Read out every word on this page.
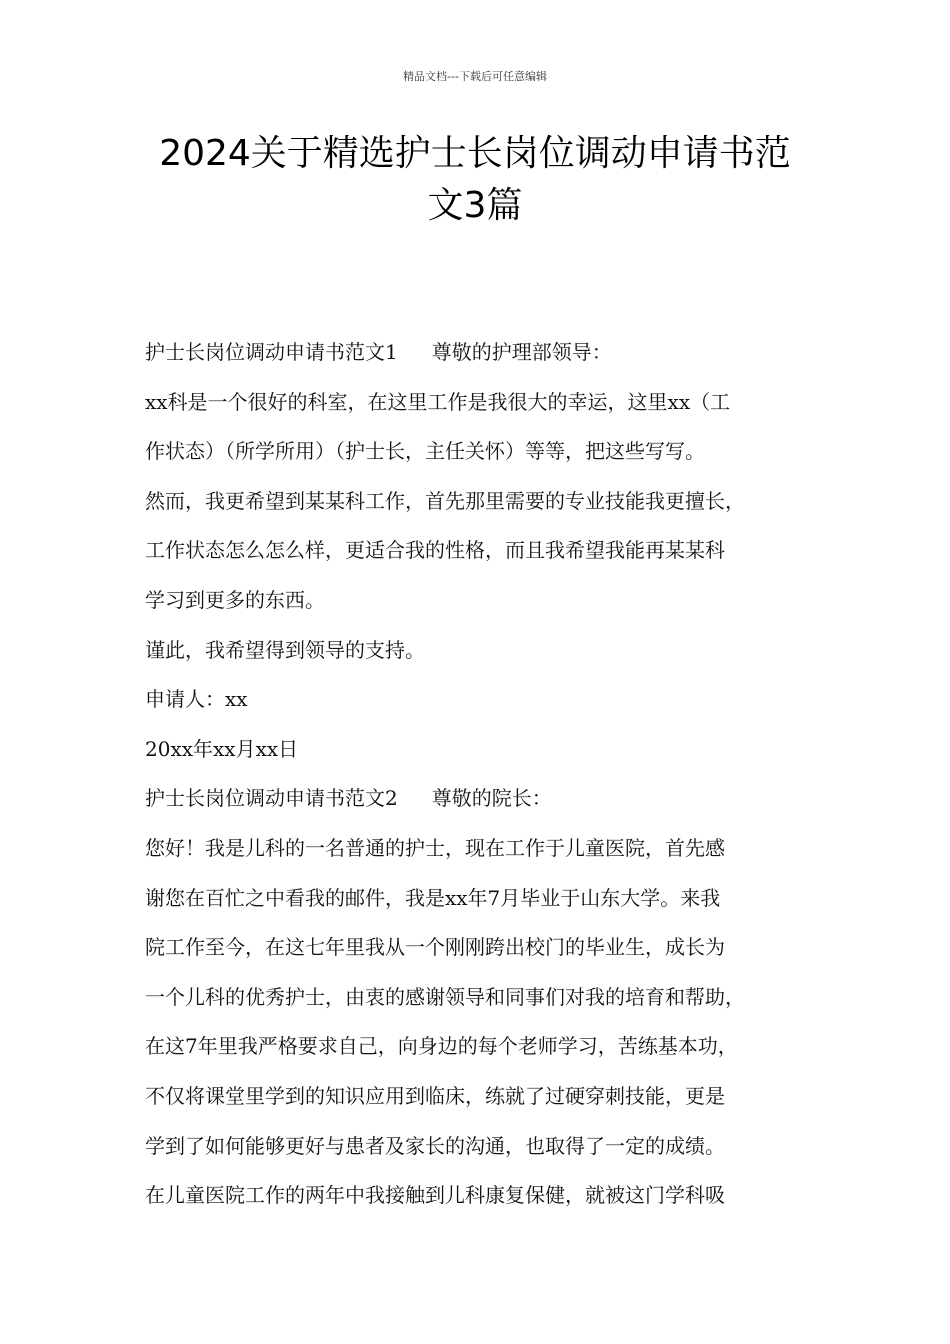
精品文档---下载后可任意编辑
2024关于精选护士长岗位调动申请书范
文3篇
护士长岗位调动申请书范文1 尊敬的护理部领导：
xx科是一个很好的科室，在这里工作是我很大的幸运，这里xx（工
作状态）（所学所用）（护士长，主任关怀）等等，把这些写写。
然而，我更希望到某某科工作，首先那里需要的专业技能我更擅长，
工作状态怎么怎么样，更适合我的性格，而且我希望我能再某某科
学习到更多的东西。
谨此，我希望得到领导的支持。
申请人：xx
20xx年xx月xx日
护士长岗位调动申请书范文2 尊敬的院长：
您好！我是儿科的一名普通的护士，现在工作于儿童医院，首先感
谢您在百忙之中看我的邮件，我是xx年7月毕业于山东大学。来我
院工作至今，在这七年里我从一个刚刚跨出校门的毕业生，成长为
一个儿科的优秀护士，由衷的感谢领导和同事们对我的培育和帮助，
在这7年里我严格要求自己，向身边的每个老师学习，苦练基本功，
不仅将课堂里学到的知识应用到临床，练就了过硬穿刺技能，更是
学到了如何能够更好与患者及家长的沟通，也取得了一定的成绩。
在儿童医院工作的两年中我接触到儿科康复保健，就被这门学科吸
